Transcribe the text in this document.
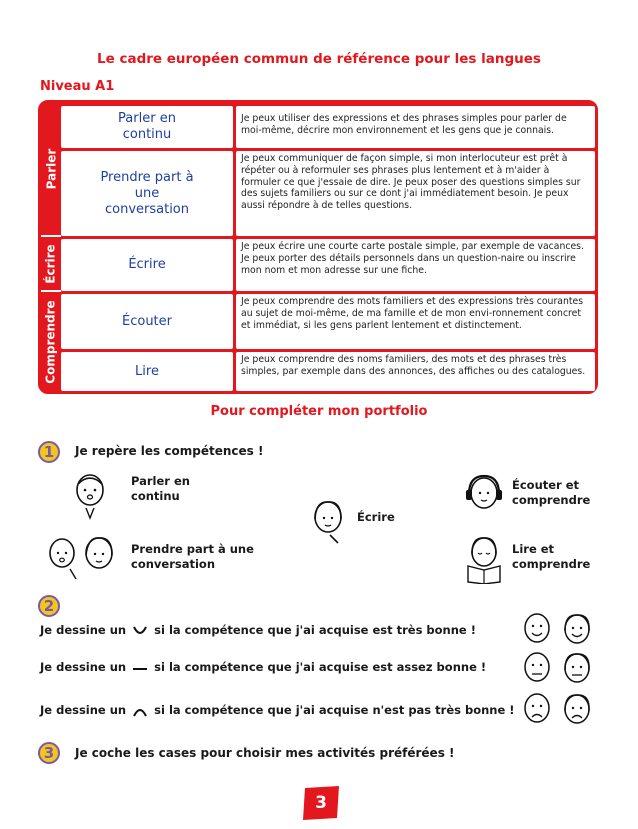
Le cadre européen commun de référence pour les langues
Niveau A1
Parler
Écrire
Comprendre
Parler en continu
Je peux utiliser des expressions et des phrases simples pour parler de moi-même, décrire mon environnement et les gens que je connais.
Prendre part à une conversation
Je peux communiquer de façon simple, si mon interlocuteur est prêt à répéter ou à reformuler ses phrases plus lentement et à m'aider à formuler ce que j'essaie de dire. Je peux poser des questions simples sur des sujets familiers ou sur ce dont j'ai immédiatement besoin. Je peux aussi répondre à de telles questions.
Écrire
Je peux écrire une courte carte postale simple, par exemple de vacances. Je peux porter des détails personnels dans un question-naire ou inscrire mon nom et mon adresse sur une fiche.
Écouter
Je peux comprendre des mots familiers et des expressions très courantes au sujet de moi-même, de ma famille et de mon envi-ronnement concret et immédiat, si les gens parlent lentement et distinctement.
Lire
Je peux comprendre des noms familiers, des mots et des phrases très simples, par exemple dans des annonces, des affiches ou des catalogues.
Pour compléter mon portfolio
1	Je repère les compétences !
Parler en continu
Prendre part à une conversation
Écrire
Écouter et comprendre
Lire et comprendre
2
Je dessine un si la compétence que j'ai acquise est très bonne !
Je dessine un si la compétence que j'ai acquise est assez bonne !
Je dessine un si la compétence que j'ai acquise n'est pas très bonne !
3	Je coche les cases pour choisir mes activités préférées !
3
